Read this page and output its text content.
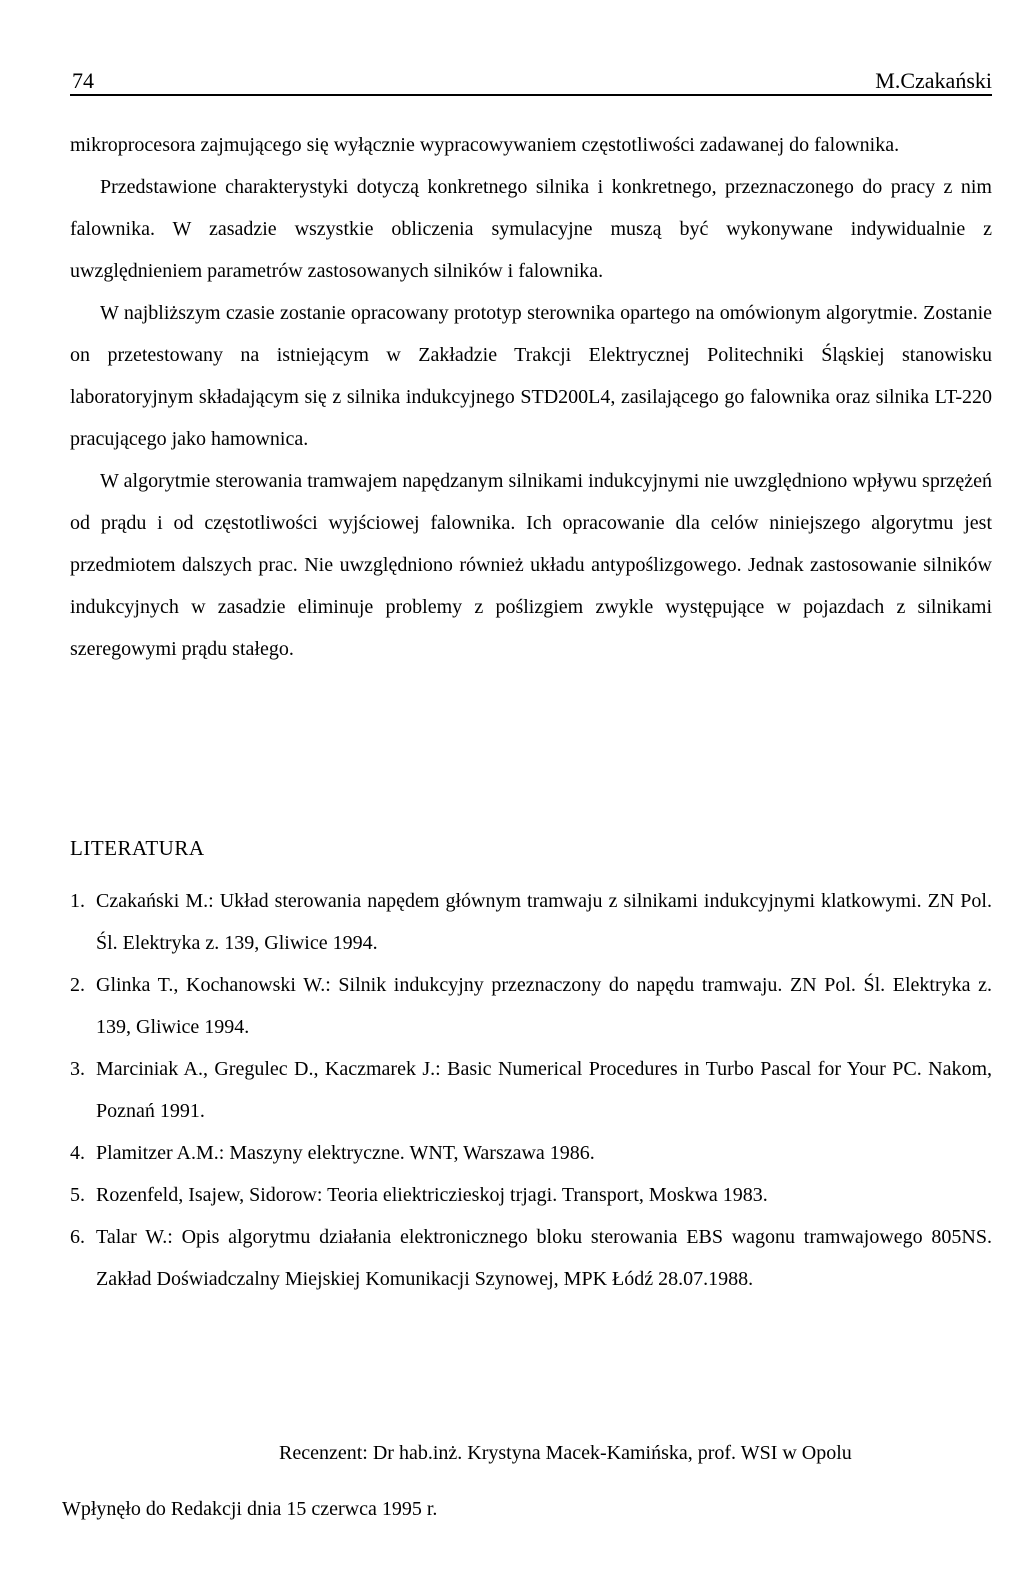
74	M.Czakański

mikroprocesora zajmującego się wyłącznie wypracowywaniem częstotliwości zadawanej do falownika.

Przedstawione charakterystyki dotyczą konkretnego silnika i konkretnego, przeznaczonego do pracy z nim falownika. W zasadzie wszystkie obliczenia symulacyjne muszą być wykonywane indywidualnie z uwzględnieniem parametrów zastosowanych silników i falownika.

W najbliższym czasie zostanie opracowany prototyp sterownika opartego na omówionym algorytmie. Zostanie on przetestowany na istniejącym w Zakładzie Trakcji Elektrycznej Politechniki Śląskiej stanowisku laboratoryjnym składającym się z silnika indukcyjnego STD200L4, zasilającego go falownika oraz silnika LT-220 pracującego jako hamownica.

W algorytmie sterowania tramwajem napędzanym silnikami indukcyjnymi nie uwzględniono wpływu sprzężeń od prądu i od częstotliwości wyjściowej falownika. Ich opracowanie dla celów niniejszego algorytmu jest przedmiotem dalszych prac. Nie uwzględniono również układu antypoślizgowego. Jednak zastosowanie silników indukcyjnych w zasadzie eliminuje problemy z poślizgiem zwykle występujące w pojazdach z silnikami szeregowymi prądu stałego.

LITERATURA
1. Czakański M.: Układ sterowania napędem głównym tramwaju z silnikami indukcyjnymi klatkowymi. ZN Pol. Śl. Elektryka z. 139, Gliwice 1994.
2. Glinka T., Kochanowski W.: Silnik indukcyjny przeznaczony do napędu tramwaju. ZN Pol. Śl. Elektryka z. 139, Gliwice 1994.
3. Marciniak A., Gregulec D., Kaczmarek J.: Basic Numerical Procedures in Turbo Pascal for Your PC. Nakom, Poznań 1991.
4. Plamitzer A.M.: Maszyny elektryczne. WNT, Warszawa 1986.
5. Rozenfeld, Isajew, Sidorow: Teoria eliektriczieskoj trjagi. Transport, Moskwa 1983.
6. Talar W.: Opis algorytmu działania elektronicznego bloku sterowania EBS wagonu tramwajowego 805NS. Zakład Doświadczalny Miejskiej Komunikacji Szynowej, MPK Łódź 28.07.1988.
Recenzent: Dr hab.inż. Krystyna Macek-Kamińska, prof. WSI w Opolu
Wpłynęło do Redakcji dnia 15 czerwca 1995 r.
